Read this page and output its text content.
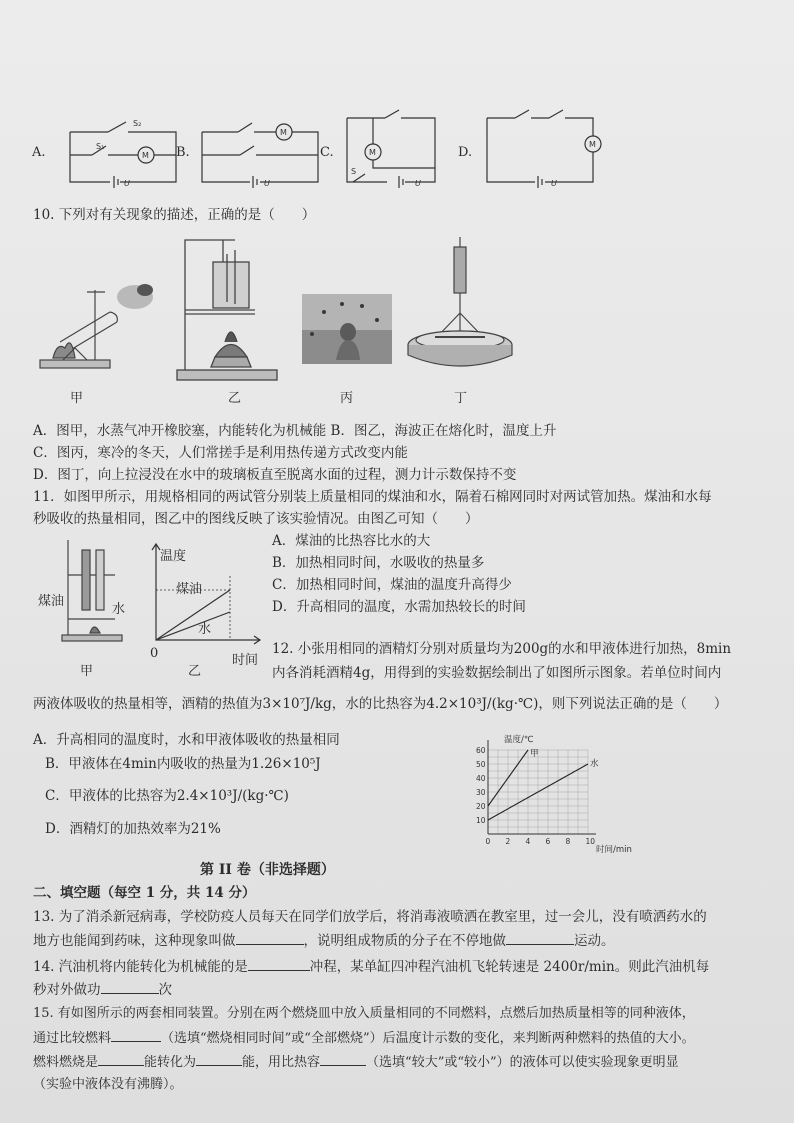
A.
S₂
S₁
M
U
B.
M
U
C.	M
S
U
D.
M
U
10. 下列对有关现象的描述，正确的是（　　）
甲	乙	丙	丁
A．图甲，水蒸气冲开橡胶塞，内能转化为机械能 B．图乙，海波正在熔化时，温度上升
C．图丙，寒冷的冬天，人们常搓手是利用热传递方式改变内能
D．图丁，向上拉浸没在水中的玻璃板直至脱离水面的过程，测力计示数保持不变
11．如图甲所示，用规格相同的两试管分别装上质量相同的煤油和水，隔着石棉网同时对两试管加热。煤油和水每
秒吸收的热量相同，图乙中的图线反映了该实验情况。由图乙可知（　　）
煤油
水
甲
温度
煤油
水
0
乙
时间
A．煤油的比热容比水的大
B．加热相同时间，水吸收的热量多
C．加热相同时间，煤油的温度升高得少
D．升高相同的温度，水需加热较长的时间
12. 小张用相同的酒精灯分别对质量均为200g的水和甲液体进行加热，8min
内各消耗酒精4g，用得到的实验数据绘制出了如图所示图象。若单位时间内
两液体吸收的热量相等，酒精的热值为3×10⁷J/kg，水的比热容为4.2×10³J/(kg·℃)，则下列说法正确的是（　　）
A．升高相同的温度时，水和甲液体吸收的热量相同
B．甲液体在4min内吸收的热量为1.26×10⁵J
C．甲液体的比热容为2.4×10³J/(kg·℃)
D．酒精灯的加热效率为21%
甲
水
0 2 4 6 8 10
10
20
30
40
50
60
温度/℃
时间/min
第 II 卷（非选择题）
二、填空题（每空 1 分，共 14 分）
13. 为了消杀新冠病毒，学校防疫人员每天在同学们放学后，将消毒液喷洒在教室里，过一会儿，没有喷洒药水的
地方也能闻到药味，这种现象叫做	，说明组成物质的分子在不停地做	运动。
14. 汽油机将内能转化为机械能的是	冲程，某单缸四冲程汽油机飞轮转速是 2400r/min。则此汽油机每
秒对外做功	次
15. 有如图所示的两套相同装置。分别在两个燃烧皿中放入质量相同的不同燃料，点燃后加热质量相等的同种液体，
通过比较燃料	（选填“燃烧相同时间”或“全部燃烧”）后温度计示数的变化，来判断两种燃料的热值的大小。
燃料燃烧是	能转化为	能，用比热容	（选填“较大”或“较小”）的液体可以使实验现象更明显
（实验中液体没有沸腾）。
